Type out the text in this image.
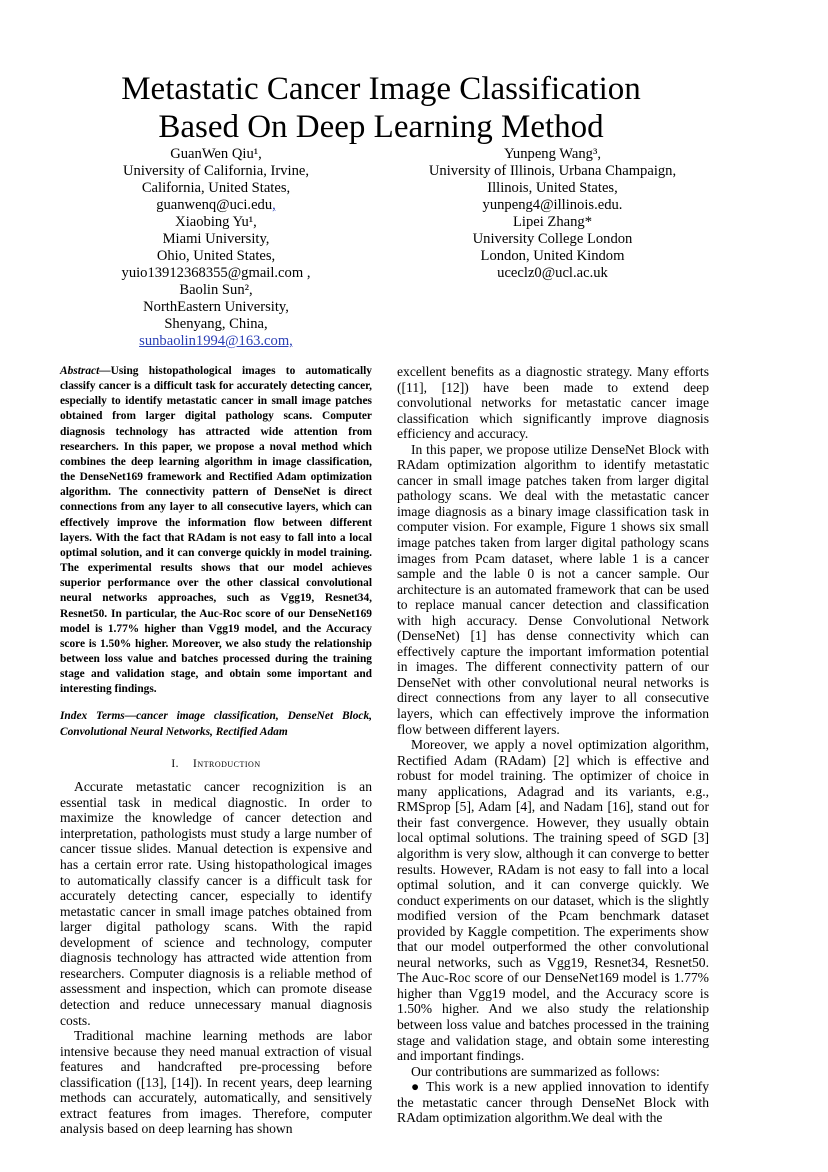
Metastatic Cancer Image Classification
Based On Deep Learning Method
GuanWen Qiu¹,
University of California, Irvine,
California, United States,
guanwenq@uci.edu,
Xiaobing Yu¹,
Miami University,
Ohio, United States,
yuio13912368355@gmail.com ,
Baolin Sun²,
NorthEastern University,
Shenyang, China,
sunbaolin1994@163.com,
Yunpeng Wang³,
University of Illinois, Urbana Champaign,
Illinois, United States,
yunpeng4@illinois.edu.
Lipei Zhang*
University College London
London, United Kindom
uceclz0@ucl.ac.uk

Abstract—Using histopathological images to automatically classify cancer is a difficult task for accurately detecting cancer, especially to identify metastatic cancer in small image patches obtained from larger digital pathology scans. Computer diagnosis technology has attracted wide attention from researchers. In this paper, we propose a noval method which combines the deep learning algorithm in image classification, the DenseNet169 framework and Rectified Adam optimization algorithm. The connectivity pattern of DenseNet is direct connections from any layer to all consecutive layers, which can effectively improve the information flow between different layers. With the fact that RAdam is not easy to fall into a local optimal solution, and it can converge quickly in model training. The experimental results shows that our model achieves superior performance over the other classical convolutional neural networks approaches, such as Vgg19, Resnet34, Resnet50. In particular, the Auc-Roc score of our DenseNet169 model is 1.77% higher than Vgg19 model, and the Accuracy score is 1.50% higher. Moreover, we also study the relationship between loss value and batches processed during the training stage and validation stage, and obtain some important and interesting findings.

Index Terms—cancer image classification, DenseNet Block, Convolutional Neural Networks, Rectified Adam

I. Introduction

Accurate metastatic cancer recognizition is an essential task in medical diagnostic. In order to maximize the knowledge of cancer detection and interpretation, pathologists must study a large number of cancer tissue slides. Manual detection is expensive and has a certain error rate. Using histopathological images to automatically classify cancer is a difficult task for accurately detecting cancer, especially to identify metastatic cancer in small image patches obtained from larger digital pathology scans. With the rapid development of science and technology, computer diagnosis technology has attracted wide attention from researchers. Computer diagnosis is a reliable method of assessment and inspection, which can promote disease detection and reduce unnecessary manual diagnosis costs.

Traditional machine learning methods are labor intensive because they need manual extraction of visual features and handcrafted pre-processing before classification ([13], [14]). In recent years, deep learning methods can accurately, automatically, and sensitively extract features from images. Therefore, computer analysis based on deep learning has shown

excellent benefits as a diagnostic strategy. Many efforts ([11], [12]) have been made to extend deep convolutional networks for metastatic cancer image classification which significantly improve diagnosis efficiency and accuracy.

In this paper, we propose utilize DenseNet Block with RAdam optimization algorithm to identify metastatic cancer in small image patches taken from larger digital pathology scans. We deal with the metastatic cancer image diagnosis as a binary image classification task in computer vision. For example, Figure 1 shows six small image patches taken from larger digital pathology scans images from Pcam dataset, where lable 1 is a cancer sample and the lable 0 is not a cancer sample. Our architecture is an automated framework that can be used to replace manual cancer detection and classification with high accuracy. Dense Convolutional Network (DenseNet) [1] has dense connectivity which can effectively capture the important imformation potential in images. The different connectivity pattern of our DenseNet with other convolutional neural networks is direct connections from any layer to all consecutive layers, which can effectively improve the information flow between different layers.

Moreover, we apply a novel optimization algorithm, Rectified Adam (RAdam) [2] which is effective and robust for model training. The optimizer of choice in many applications, Adagrad and its variants, e.g., RMSprop [5], Adam [4], and Nadam [16], stand out for their fast convergence. However, they usually obtain local optimal solutions. The training speed of SGD [3] algorithm is very slow, although it can converge to better results. However, RAdam is not easy to fall into a local optimal solution, and it can converge quickly. We conduct experiments on our dataset, which is the slightly modified version of the Pcam benchmark dataset provided by Kaggle competition. The experiments show that our model outperformed the other convolutional neural networks, such as Vgg19, Resnet34, Resnet50. The Auc-Roc score of our DenseNet169 model is 1.77% higher than Vgg19 model, and the Accuracy score is 1.50% higher. And we also study the relationship between loss value and batches processed in the training stage and validation stage, and obtain some interesting and important findings.

Our contributions are summarized as follows:

● This work is a new applied innovation to identify the metastatic cancer through DenseNet Block with RAdam optimization algorithm.We deal with the
